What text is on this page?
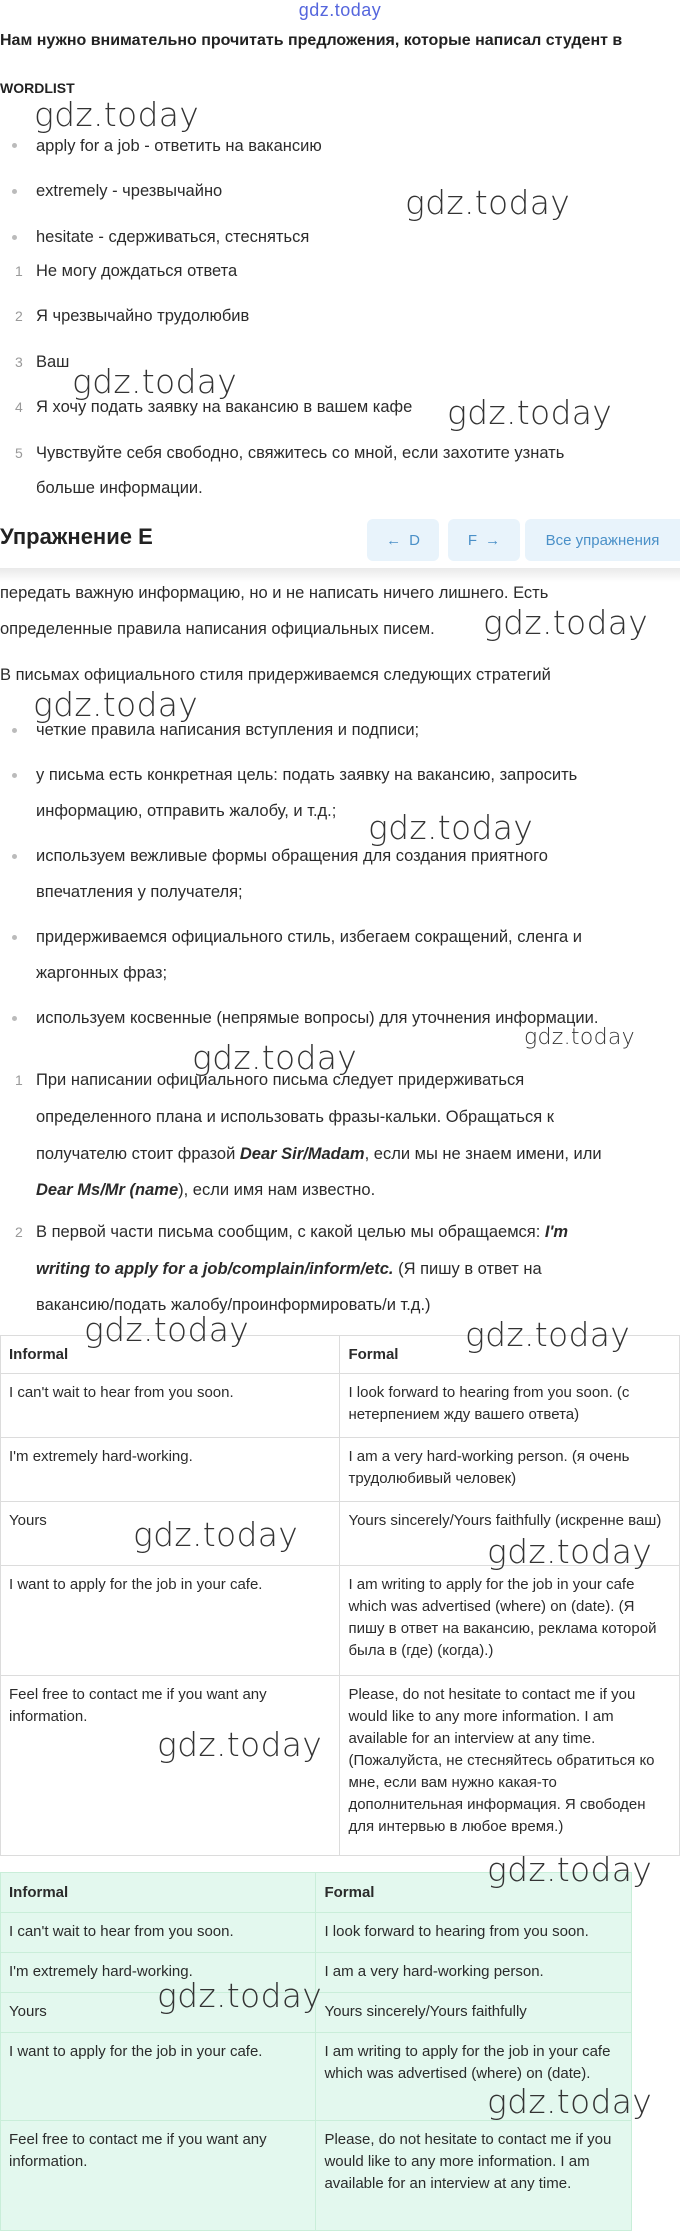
gdz.today
Нам нужно внимательно прочитать предложения, которые написал студент в
WORDLIST
apply for a job - ответить на вакансию
extremely - чрезвычайно
hesitate - сдерживаться, стесняться
1 Не могу дождаться ответа
2 Я чрезвычайно трудолюбив
3 Ваш
4 Я хочу подать заявку на вакансию в вашем кафе
5 Чувствуйте себя свободно, свяжитесь со мной, если захотите узнать
больше информации.
Упражнение E	← D	F →	Все упражнения
передать важную информацию, но и не написать ничего лишнего. Есть
определенные правила написания официальных писем.
В письмах официального стиля придерживаемся следующих стратегий
четкие правила написания вступления и подписи;
у письма есть конкретная цель: подать заявку на вакансию, запросить
информацию, отправить жалобу, и т.д.;
используем вежливые формы обращения для создания приятного
впечатления у получателя;
придерживаемся официального стиль, избегаем сокращений, сленга и
жаргонных фраз;
используем косвенные (непрямые вопросы) для уточнения информации.
1 При написании официального письма следует придерживаться
определенного плана и использовать фразы-кальки. Обращаться к
получателю стоит фразой Dear Sir/Madam, если мы не знаем имени, или
Dear Ms/Mr (name), если имя нам известно.
2 В первой части письма сообщим, с какой целью мы обращаемся: I'm
writing to apply for a job/complain/inform/etc. (Я пишу в ответ на
вакансию/подать жалобу/проинформировать/и т.д.)
Informal	Formal
I can't wait to hear from you soon.	I look forward to hearing from you soon. (с нетерпением жду вашего ответа)
I'm extremely hard-working.	I am a very hard-working person. (я очень трудолюбивый человек)
Yours	Yours sincerely/Yours faithfully (искренне ваш)
I want to apply for the job in your cafe.	I am writing to apply for the job in your cafe which was advertised (where) on (date). (Я пишу в ответ на вакансию, реклама которой была в (где) (когда).)
Feel free to contact me if you want any information.	Please, do not hesitate to contact me if you would like to any more information. I am available for an interview at any time. (Пожалуйста, не стесняйтесь обратиться ко мне, если вам нужно какая-то дополнительная информация. Я свободен для интервью в любое время.)
Informal	Formal
I can't wait to hear from you soon.	I look forward to hearing from you soon.
I'm extremely hard-working.	I am a very hard-working person.
Yours	Yours sincerely/Yours faithfully
I want to apply for the job in your cafe.	I am writing to apply for the job in your cafe which was advertised (where) on (date).
Feel free to contact me if you want any information.	Please, do not hesitate to contact me if you would like to any more information. I am available for an interview at any time.
gdz.today
gdz.today
gdz.today
gdz.today
gdz.today
gdz.today
gdz.today
gdz.today
gdz.today
gdz.today	gdz.today
gdz.today	gdz.today
gdz.today
gdz.today
gdz.today
gdz.today
